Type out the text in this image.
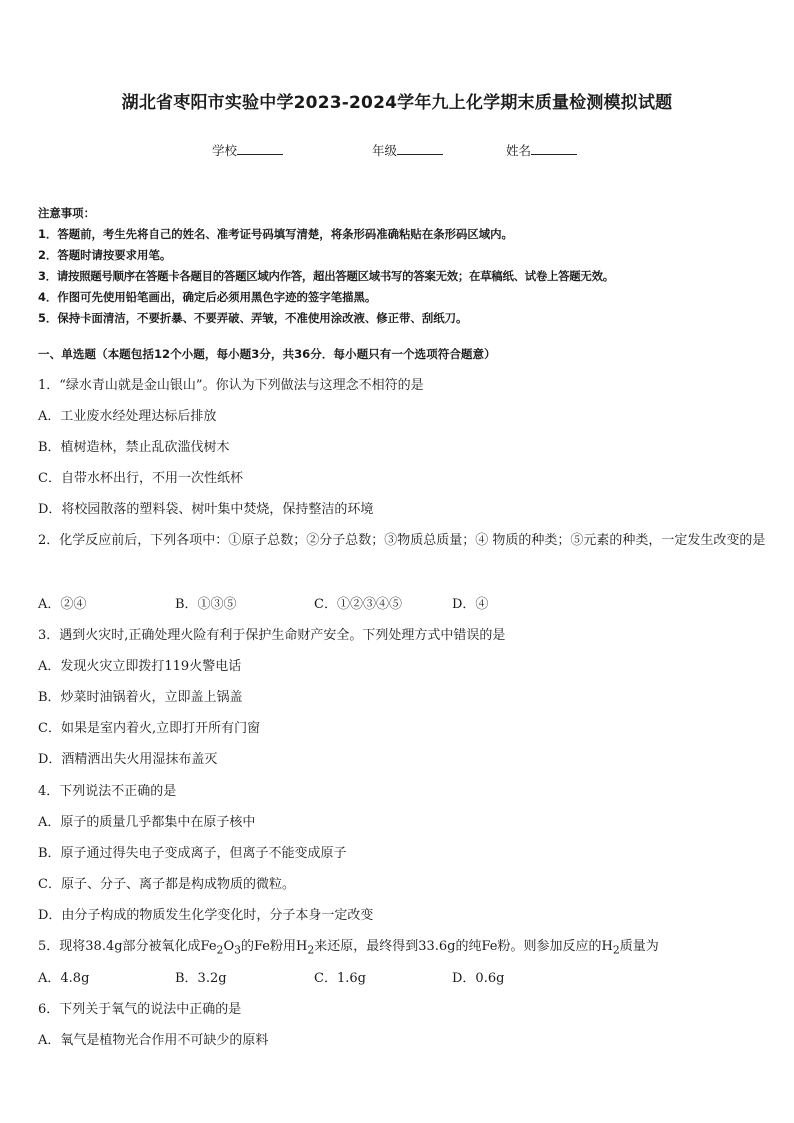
湖北省枣阳市实验中学2023-2024学年九上化学期末质量检测模拟试题
学校	年级	姓名
注意事项：
1．答题前，考生先将自己的姓名、准考证号码填写清楚，将条形码准确粘贴在条形码区域内。
2．答题时请按要求用笔。
3．请按照题号顺序在答题卡各题目的答题区域内作答，超出答题区域书写的答案无效；在草稿纸、试卷上答题无效。
4．作图可先使用铅笔画出，确定后必须用黑色字迹的签字笔描黑。
5．保持卡面清洁，不要折暴、不要弄破、弄皱，不准使用涂改液、修正带、刮纸刀。
一、单选题（本题包括12个小题，每小题3分，共36分．每小题只有一个选项符合题意）
1．“绿水青山就是金山银山”。你认为下列做法与这理念不相符的是
A．工业废水经处理达标后排放
B．植树造林，禁止乱砍滥伐树木
C．自带水杯出行，不用一次性纸杯
D．将校园散落的塑料袋、树叶集中焚烧，保持整洁的环境
2．化学反应前后，下列各项中：①原子总数；②分子总数；③物质总质量；④ 物质的种类；⑤元素的种类，一定发生改变的是
A．②④	B．①③⑤	C．①②③④⑤	D．④
3．遇到火灾时,正确处理火险有利于保护生命财产安全。下列处理方式中错误的是
A．发现火灾立即拨打119火警电话
B．炒菜时油锅着火，立即盖上锅盖
C．如果是室内着火,立即打开所有门窗
D．酒精洒出失火用湿抹布盖灭
4．下列说法不正确的是
A．原子的质量几乎都集中在原子核中
B．原子通过得失电子变成离子，但离子不能变成原子
C．原子、分子、离子都是构成物质的微粒。
D．由分子构成的物质发生化学变化时，分子本身一定改变
5．现将38.4g部分被氧化成$Fe_2O_3$的Fe粉用$H_2$来还原，最终得到33.6g的纯Fe粉。则参加反应的$H_2$质量为
A．4.8g	B．3.2g	C．1.6g	D．0.6g
6．下列关于氧气的说法中正确的是
A．氧气是植物光合作用不可缺少的原料
